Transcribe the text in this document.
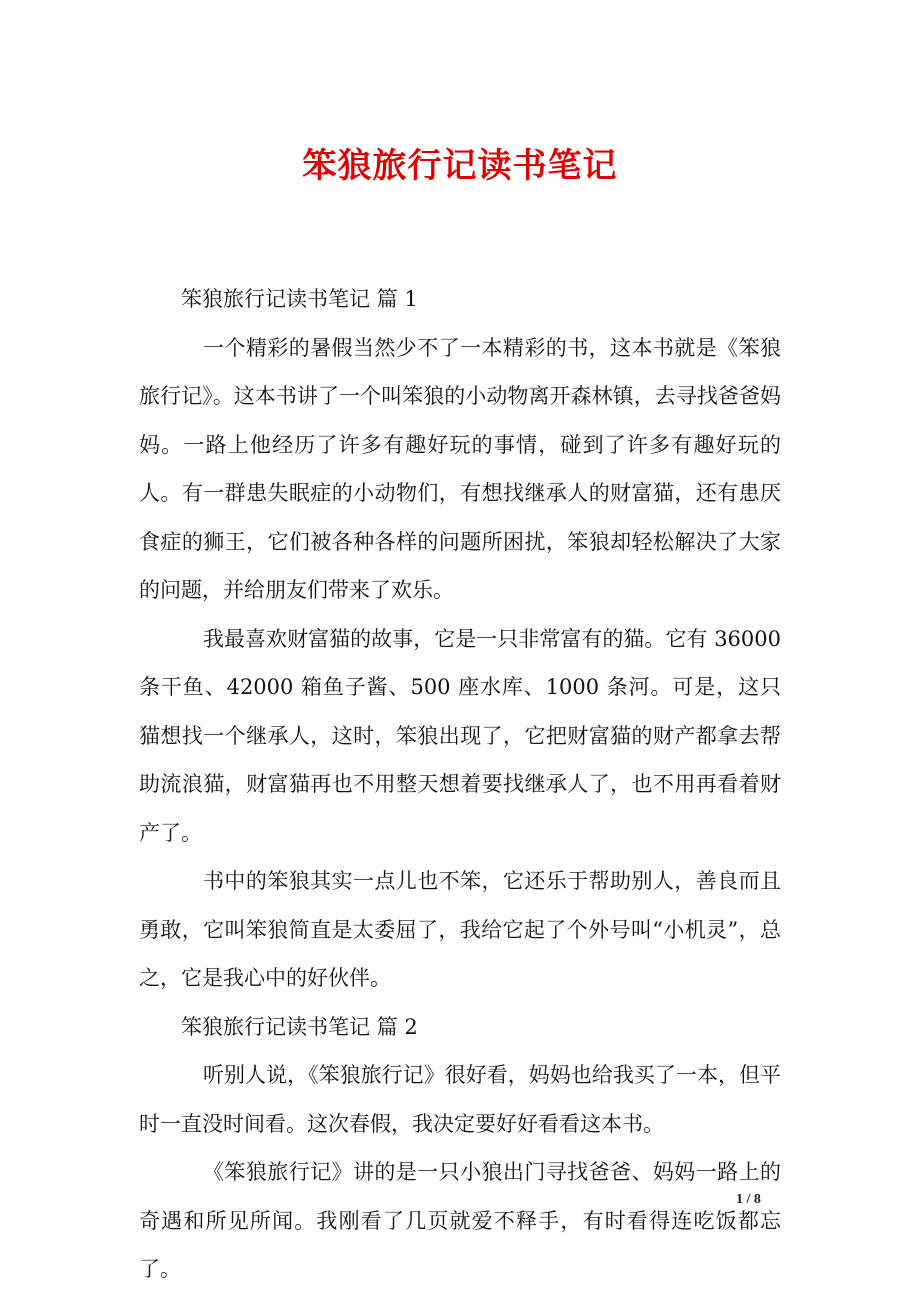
笨狼旅行记读书笔记

笨狼旅行记读书笔记 篇 1

一个精彩的暑假当然少不了一本精彩的书，这本书就是《笨狼旅行记》。这本书讲了一个叫笨狼的小动物离开森林镇，去寻找爸爸妈妈。一路上他经历了许多有趣好玩的事情，碰到了许多有趣好玩的人。有一群患失眠症的小动物们，有想找继承人的财富猫，还有患厌食症的狮王，它们被各种各样的问题所困扰，笨狼却轻松解决了大家的问题，并给朋友们带来了欢乐。

我最喜欢财富猫的故事，它是一只非常富有的猫。它有 36000 条干鱼、42000 箱鱼子酱、500 座水库、1000 条河。可是，这只猫想找一个继承人，这时，笨狼出现了，它把财富猫的财产都拿去帮助流浪猫，财富猫再也不用整天想着要找继承人了，也不用再看着财产了。

书中的笨狼其实一点儿也不笨，它还乐于帮助别人，善良而且勇敢，它叫笨狼简直是太委屈了，我给它起了个外号叫“小机灵”，总之，它是我心中的好伙伴。

笨狼旅行记读书笔记 篇 2

听别人说，《笨狼旅行记》很好看，妈妈也给我买了一本，但平时一直没时间看。这次春假，我决定要好好看看这本书。

《笨狼旅行记》讲的是一只小狼出门寻找爸爸、妈妈一路上的奇遇和所见所闻。我刚看了几页就爱不释手，有时看得连吃饭都忘了。

1 / 8
